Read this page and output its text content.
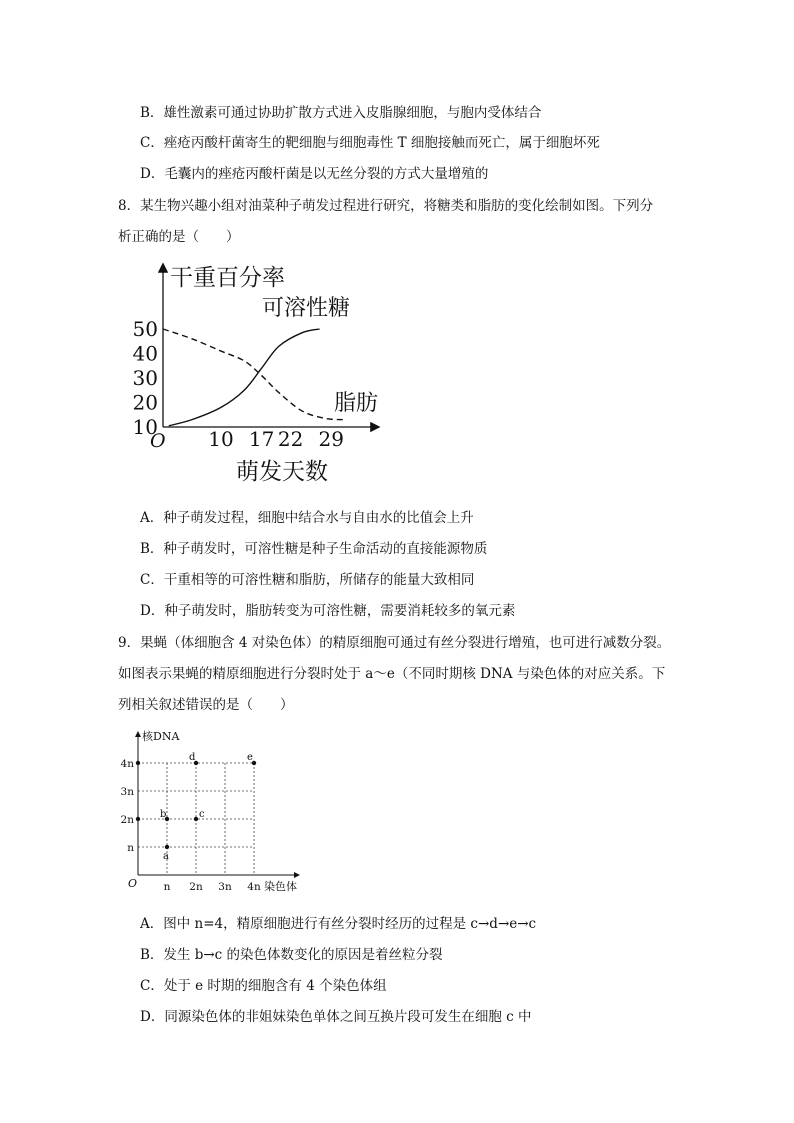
B．雄性激素可通过协助扩散方式进入皮脂腺细胞，与胞内受体结合
C．痤疮丙酸杆菌寄生的靶细胞与细胞毒性 T 细胞接触而死亡，属于细胞坏死
D．毛囊内的痤疮丙酸杆菌是以无丝分裂的方式大量增殖的
8．某生物兴趣小组对油菜种子萌发过程进行研究，将糖类和脂肪的变化绘制如图。下列分
析正确的是（　　）
干重百分率
萌发天数
O
可溶性糖
脂肪
10
20
30
40
50
10 17 22 29
A．种子萌发过程，细胞中结合水与自由水的比值会上升
B．种子萌发时，可溶性糖是种子生命活动的直接能源物质
C．干重相等的可溶性糖和脂肪，所储存的能量大致相同
D．种子萌发时，脂肪转变为可溶性糖，需要消耗较多的氧元素
9．果蝇（体细胞含 4 对染色体）的精原细胞可通过有丝分裂进行增殖，也可进行减数分裂。
如图表示果蝇的精原细胞进行分裂时处于 a～e（不同时期核 DNA 与染色体的对应关系。下
列相关叙述错误的是（　　）
核DNA
染色体
O
n
2n
3n
4n
n 2n 3n 4n
a
b	c
d	e
A．图中 n=4，精原细胞进行有丝分裂时经历的过程是 c→d→e→c
B．发生 b→c 的染色体数变化的原因是着丝粒分裂
C．处于 e 时期的细胞含有 4 个染色体组
D．同源染色体的非姐妹染色单体之间互换片段可发生在细胞 c 中
